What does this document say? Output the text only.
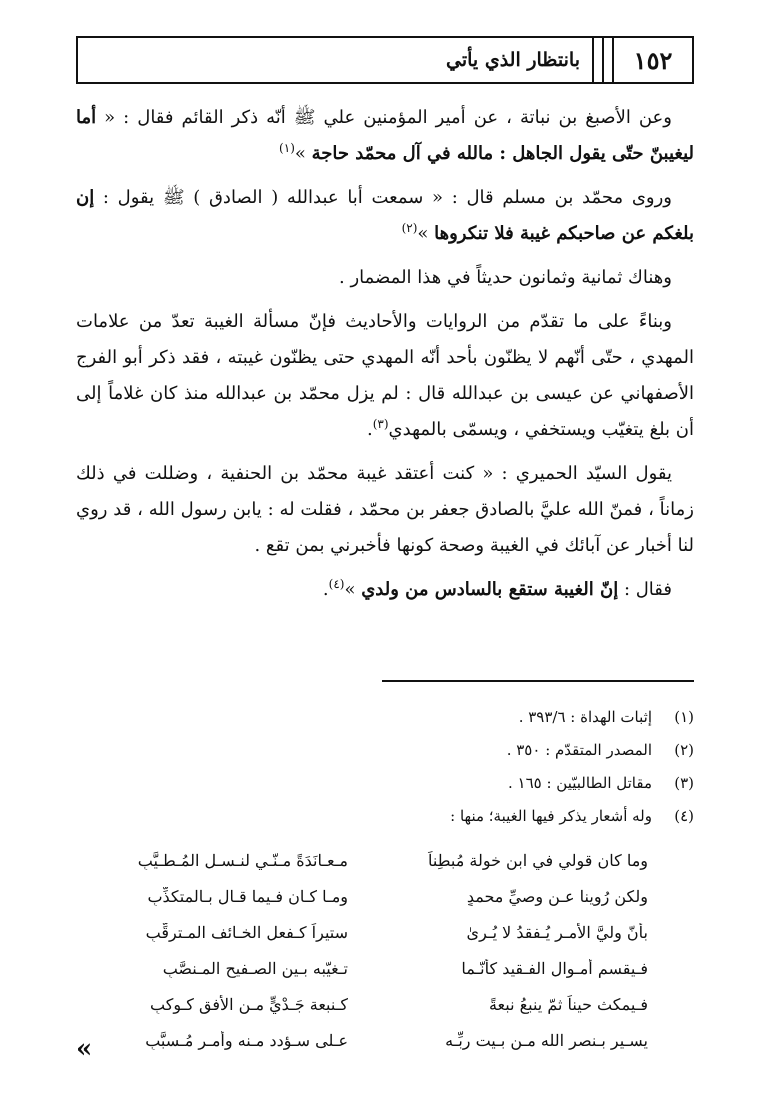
١٥٢
بانتظار الذي يأتي

وعن الأصبغ بن نباتة ، عن أمير المؤمنين علي ﷺ أنّه ذكر القائم فقال : « أما ليغيبنّ حتّى يقول الجاهل : مالله في آل محمّد حاجة »$^{(١)}$

وروى محمّد بن مسلم قال : « سمعت أبا عبدالله ( الصادق ) ﷺ يقول : إن بلغكم عن صاحبكم غيبة فلا تنكروها »$^{(٢)}$

وهناك ثمانية وثمانون حديثاً في هذا المضمار .

وبناءً على ما تقدّم من الروايات والأحاديث فإنّ مسألة الغيبة تعدّ من علامات المهدي ، حتّى أنّهم لا يظنّون بأحد أنّه المهدي حتى يظنّون غيبته ، فقد ذكر أبو الفرج الأصفهاني عن عيسى بن عبدالله قال : لم يزل محمّد بن عبدالله منذ كان غلاماً إلى أن بلغ يتغيّب ويستخفي ، ويسمّى بالمهدي$^{(٣)}$.

يقول السيّد الحميري : « كنت أعتقد غيبة محمّد بن الحنفية ، وضللت في ذلك زماناً ، فمنّ الله عليَّ بالصادق جعفر بن محمّد ، فقلت له : يابن رسول الله ، قد روي لنا أخبار عن آبائك في الغيبة وصحة كونها فأخبرني بمن تقع .

فقال : إنّ الغيبة ستقع بالسادس من ولدي »$^{(٤)}$.

(١)
إثبات الهداة : ٣٩٣/٦ .
(٢)
المصدر المتقدّم : ٣٥٠ .
(٣)
مقاتل الطالبيّين : ١٦٥ .
(٤)
وله أشعار يذكر فيها الغيبة؛ منها :
وما كان قولي في ابن خولة مُبطِناً
مـعـانَدَةً مـنّـي لنـسـلِ المُـطـيَّبِ
ولكن رُوينا عـن وصيِّ محمدٍ
ومـا كـان فـيما قـال بـالمتكذِّبِ
بأنّ وليَّ الأمـر يُـفقدُ لا يُـرىٰ
ستيراً كـفعل الخـائف المـترقِّبِ
فـيقسم أمـوال الفـقيد كأنّـما
تـغيّبه بـين الصـفيح المـنصَّبِ
فـيمكث حيناً ثمّ ينبعُ نبعةً
كـنبعة جَـدْيٍّ مـن الأُفق كـوكبِ
يسـير بـنصر الله مـن بـيت ربِّـه
عـلى سـؤدد مـنه وأمـرٍ مُـسبَّبِ
«
